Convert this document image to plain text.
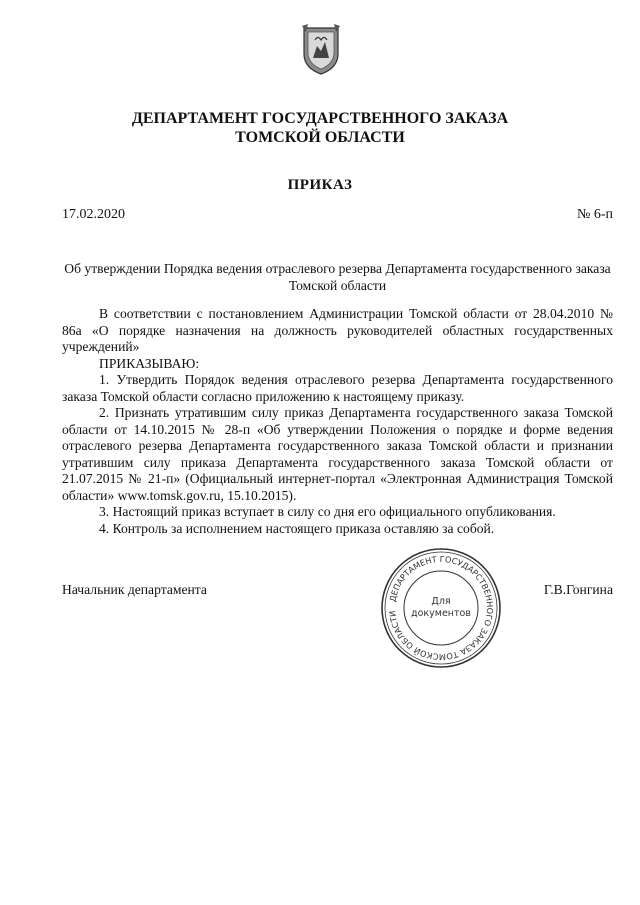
ДЕПАРТАМЕНТ ГОСУДАРСТВЕННОГО ЗАКАЗА
ТОМСКОЙ ОБЛАСТИ
ПРИКАЗ
17.02.2020	№ 6-п
Об утверждении Порядка ведения отраслевого резерва Департамента государственного заказа Томской области

В соответствии с постановлением Администрации Томской области от 28.04.2010 № 86а «О порядке назначения на должность руководителей областных государственных учреждений»

ПРИКАЗЫВАЮ:

1. Утвердить Порядок ведения отраслевого резерва Департамента государственного заказа Томской области согласно приложению к настоящему приказу.

2. Признать утратившим силу приказ Департамента государственного заказа Томской области от 14.10.2015 № 28-п «Об утверждении Положения о порядке и форме ведения отраслевого резерва Департамента государственного заказа Томской области и признании утратившим силу приказа Департамента государственного заказа Томской области от 21.07.2015 № 21-п» (Официальный интернет-портал «Электронная Администрация Томской области» www.tomsk.gov.ru, 15.10.2015).

3. Настоящий приказ вступает в силу со дня его официального опубликования.

4. Контроль за исполнением настоящего приказа оставляю за собой.

Начальник департамента
ДЕПАРТАМЕНТ ГОСУДАРСТВЕННОГО ЗАКАЗА ТОМСКОЙ ОБЛАСТИ
Для
документов
Г.В.Гонгина
